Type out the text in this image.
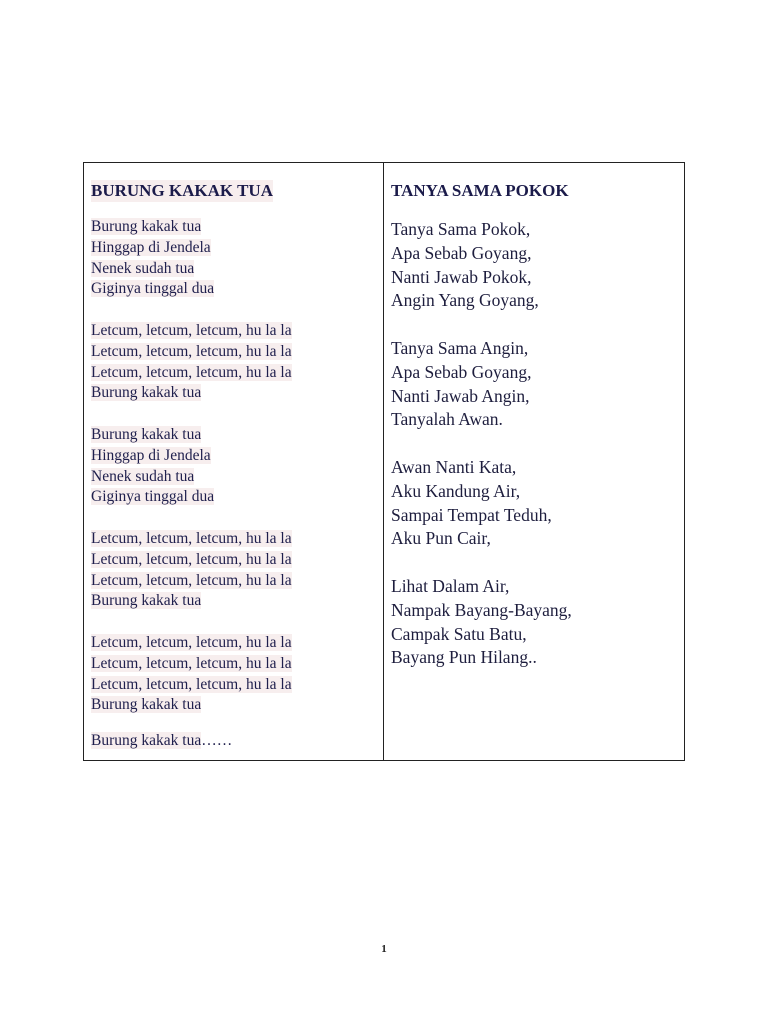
BURUNG KAKAK TUA
Burung kakak tua
Hinggap di Jendela
Nenek sudah tua
Giginya tinggal dua
Letcum, letcum, letcum, hu la la
Letcum, letcum, letcum, hu la la
Letcum, letcum, letcum, hu la la
Burung kakak tua
Burung kakak tua
Hinggap di Jendela
Nenek sudah tua
Giginya tinggal dua
Letcum, letcum, letcum, hu la la
Letcum, letcum, letcum, hu la la
Letcum, letcum, letcum, hu la la
Burung kakak tua
Letcum, letcum, letcum, hu la la
Letcum, letcum, letcum, hu la la
Letcum, letcum, letcum, hu la la
Burung kakak tua
Burung kakak tua……
TANYA SAMA POKOK
Tanya Sama Pokok,
Apa Sebab Goyang,
Nanti Jawab Pokok,
Angin Yang Goyang,
Tanya Sama Angin,
Apa Sebab Goyang,
Nanti Jawab Angin,
Tanyalah Awan.
Awan Nanti Kata,
Aku Kandung Air,
Sampai Tempat Teduh,
Aku Pun Cair,
Lihat Dalam Air,
Nampak Bayang-Bayang,
Campak Satu Batu,
Bayang Pun Hilang..
1
